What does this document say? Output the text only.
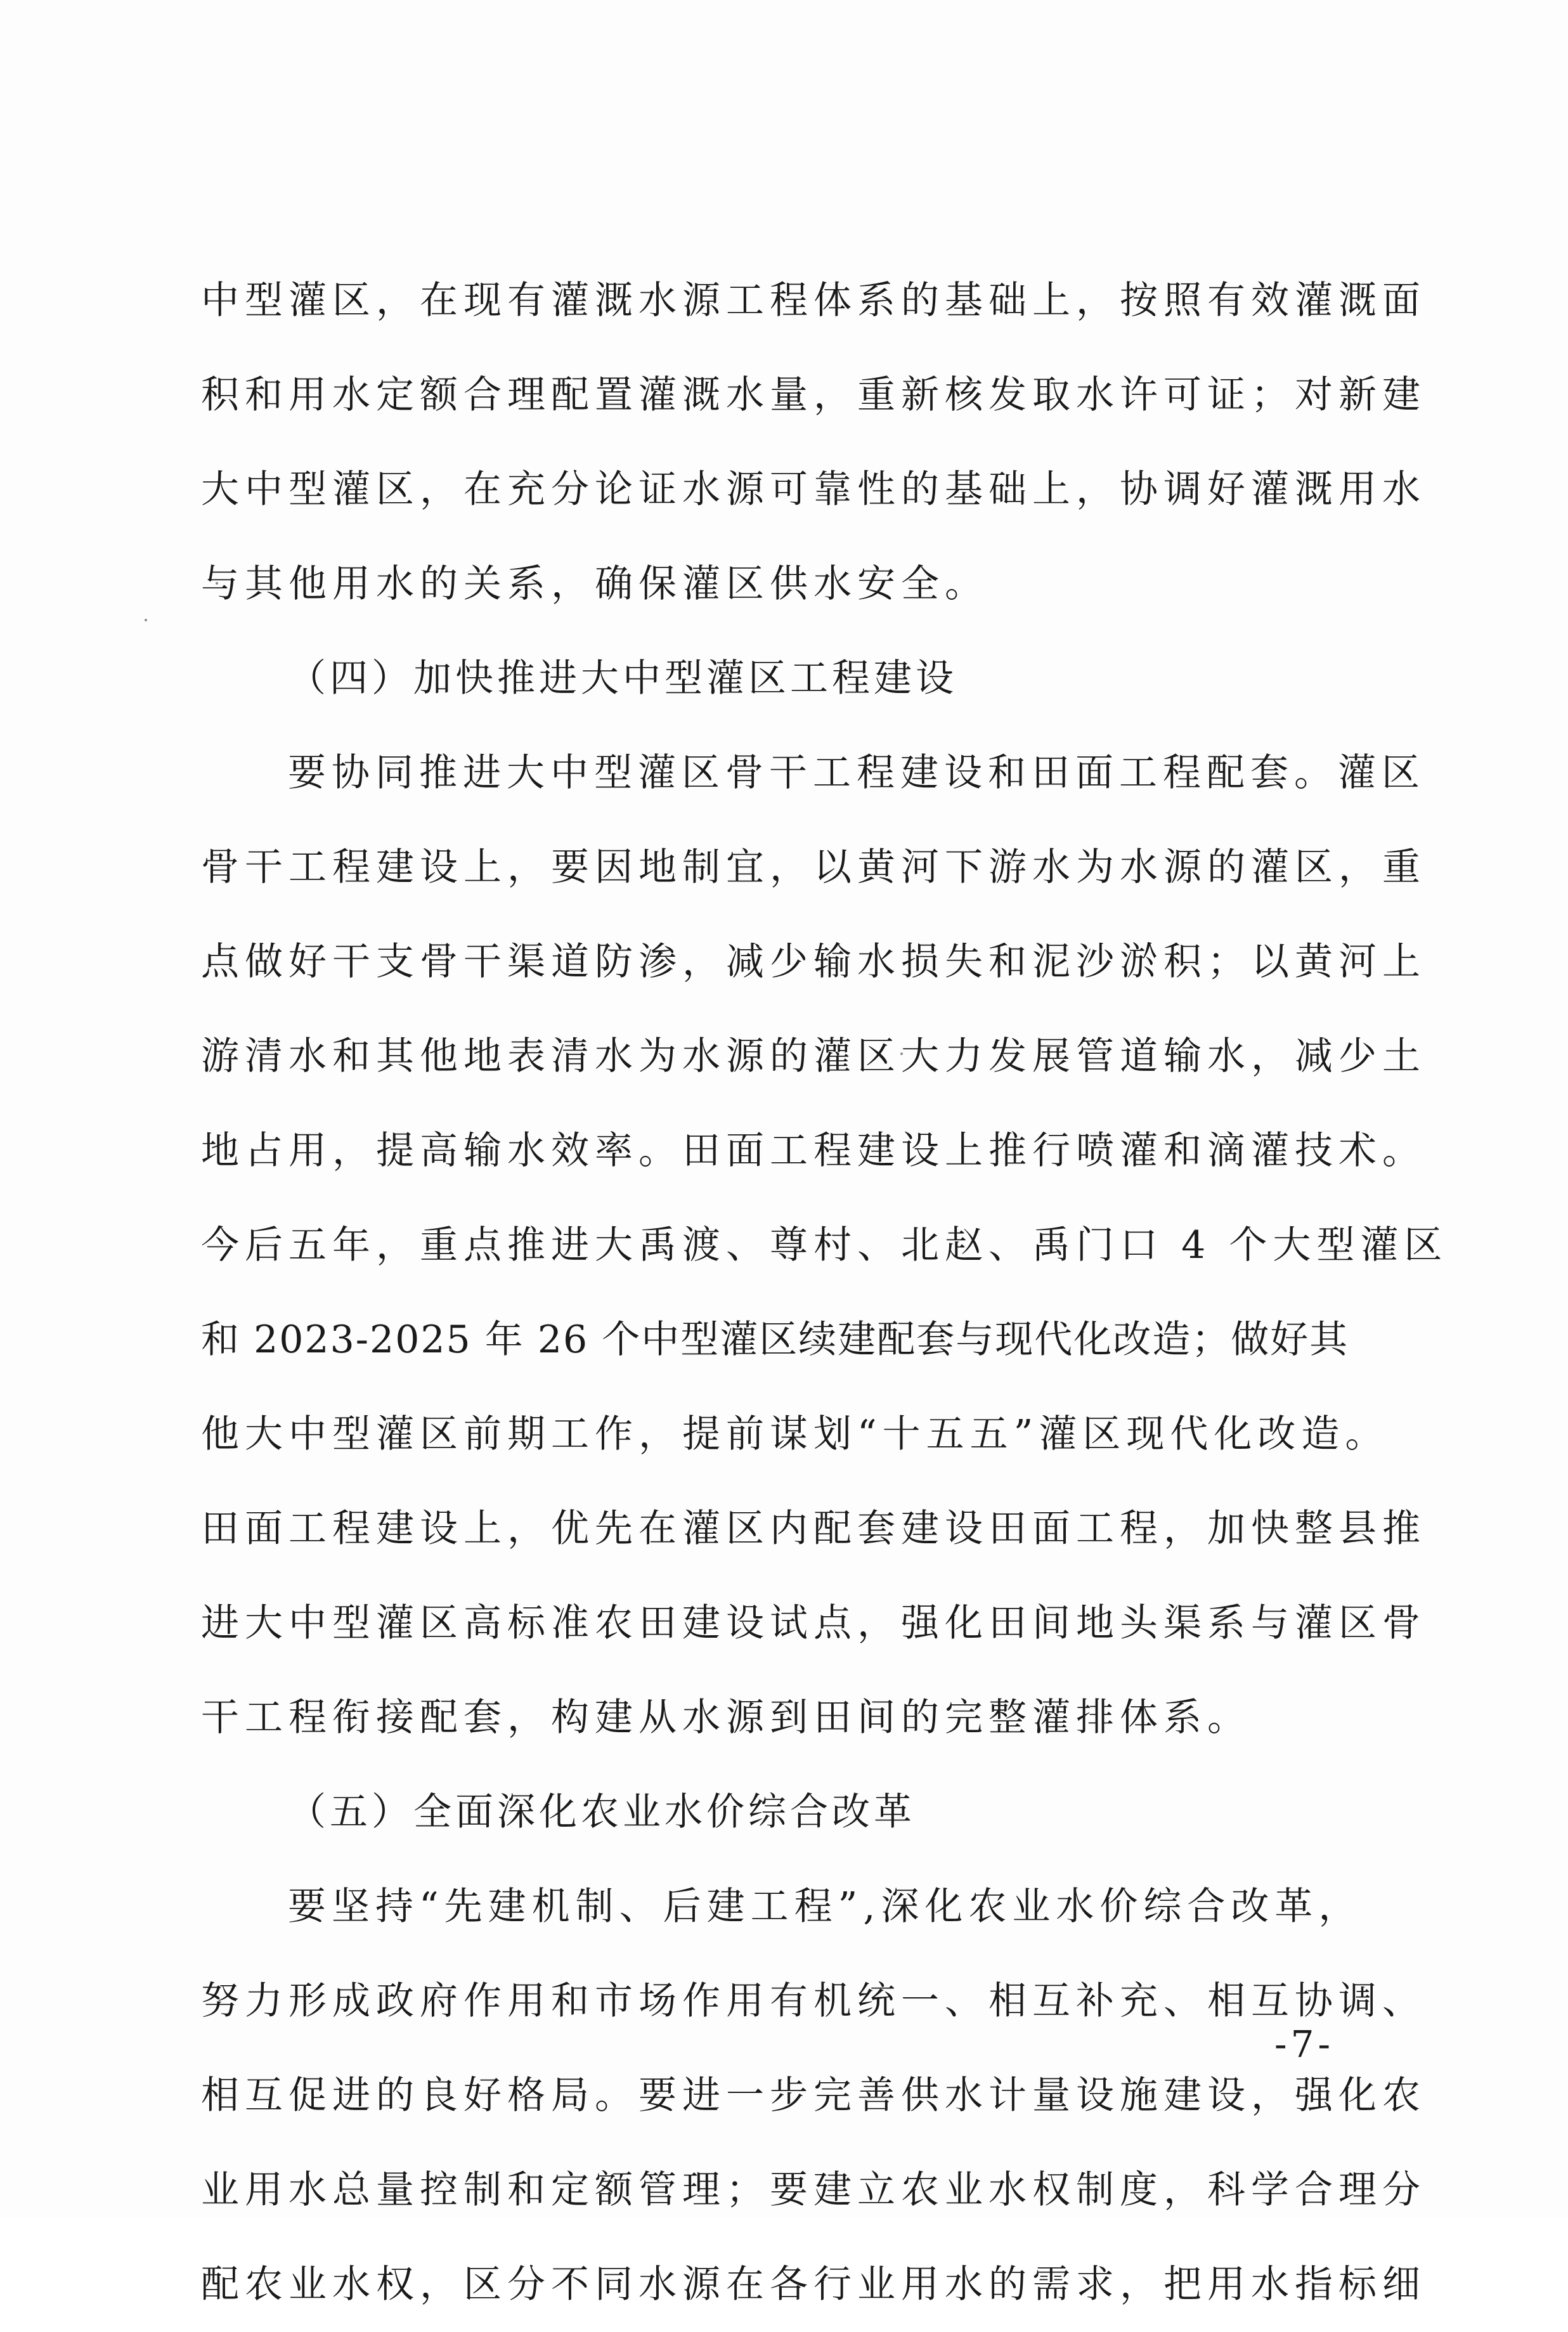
中型灌区，在现有灌溉水源工程体系的基础上，按照有效灌溉面
积和用水定额合理配置灌溉水量，重新核发取水许可证；对新建
大中型灌区，在充分论证水源可靠性的基础上，协调好灌溉用水
与其他用水的关系，确保灌区供水安全。
（四）加快推进大中型灌区工程建设
要协同推进大中型灌区骨干工程建设和田面工程配套。灌区
骨干工程建设上，要因地制宜，以黄河下游水为水源的灌区，重
点做好干支骨干渠道防渗，减少输水损失和泥沙淤积；以黄河上
游清水和其他地表清水为水源的灌区大力发展管道输水，减少土
地占用，提高输水效率。田面工程建设上推行喷灌和滴灌技术。
今后五年，重点推进大禹渡、尊村、北赵、禹门口 4 个大型灌区
和 2023-2025 年 26 个中型灌区续建配套与现代化改造；做好其
他大中型灌区前期工作，提前谋划“十五五”灌区现代化改造。
田面工程建设上，优先在灌区内配套建设田面工程，加快整县推
进大中型灌区高标准农田建设试点，强化田间地头渠系与灌区骨
干工程衔接配套，构建从水源到田间的完整灌排体系。
（五）全面深化农业水价综合改革
要坚持“先建机制、后建工程”,深化农业水价综合改革，
努力形成政府作用和市场作用有机统一、相互补充、相互协调、
相互促进的良好格局。要进一步完善供水计量设施建设，强化农
业用水总量控制和定额管理；要建立农业水权制度，科学合理分
配农业水权，区分不同水源在各行业用水的需求，把用水指标细
-7-
